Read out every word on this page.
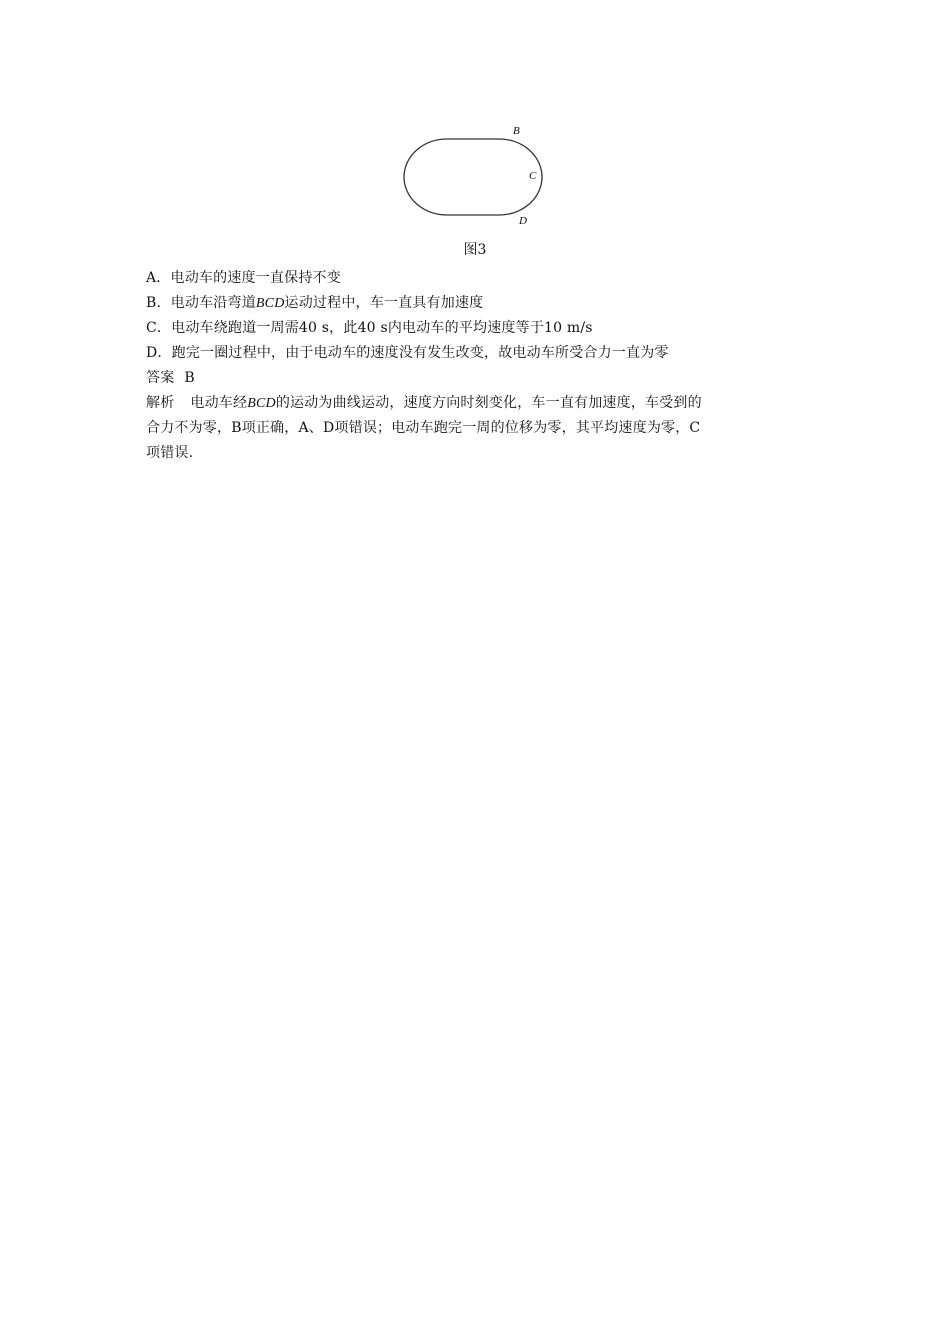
B
C
D
图3
A．电动车的速度一直保持不变
B．电动车沿弯道BCD运动过程中，车一直具有加速度
C．电动车绕跑道一周需40 s，此40 s内电动车的平均速度等于10 m/s
D．跑完一圈过程中，由于电动车的速度没有发生改变，故电动车所受合力一直为零
答案 B
解析 电动车经BCD的运动为曲线运动，速度方向时刻变化，车一直有加速度，车受到的
合力不为零，B项正确，A、D项错误；电动车跑完一周的位移为零，其平均速度为零，C
项错误.
